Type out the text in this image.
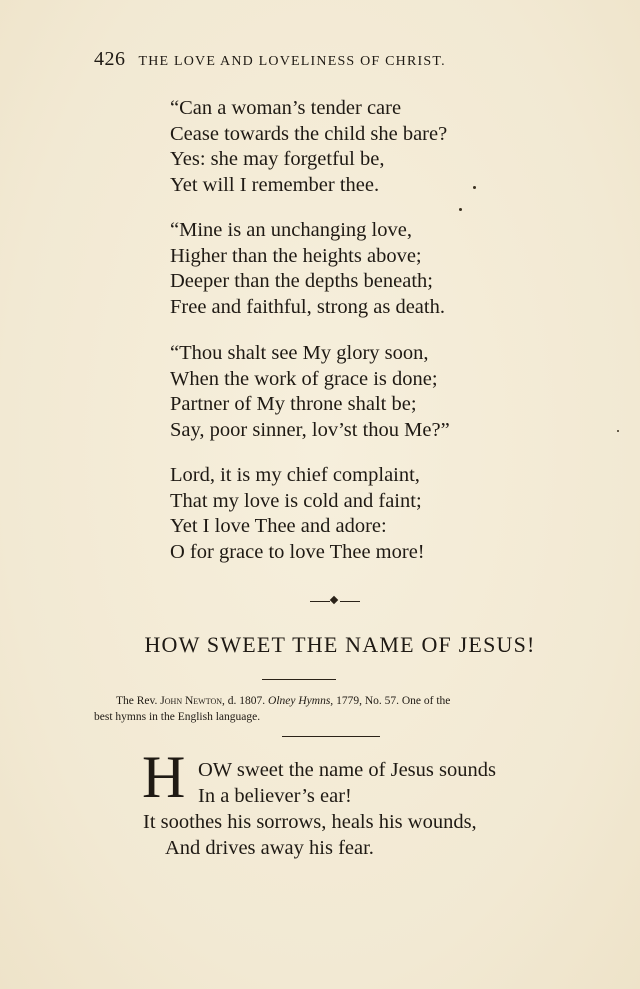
426 THE LOVE AND LOVELINESS OF CHRIST.
“Can a woman’s tender care
Cease towards the child she bare?
Yes: she may forgetful be,
Yet will I remember thee.
“Mine is an unchanging love,
Higher than the heights above;
Deeper than the depths beneath;
Free and faithful, strong as death.
“Thou shalt see My glory soon,
When the work of grace is done;
Partner of My throne shalt be;
Say, poor sinner, lov’st thou Me?”
Lord, it is my chief complaint,
That my love is cold and faint;
Yet I love Thee and adore:
O for grace to love Thee more!
HOW SWEET THE NAME OF JESUS!
The Rev. John Newton, d. 1807. Olney Hymns, 1779, No. 57. One of the
best hymns in the English language.
H OW sweet the name of Jesus sounds
In a believer’s ear!
It soothes his sorrows, heals his wounds,
And drives away his fear.
